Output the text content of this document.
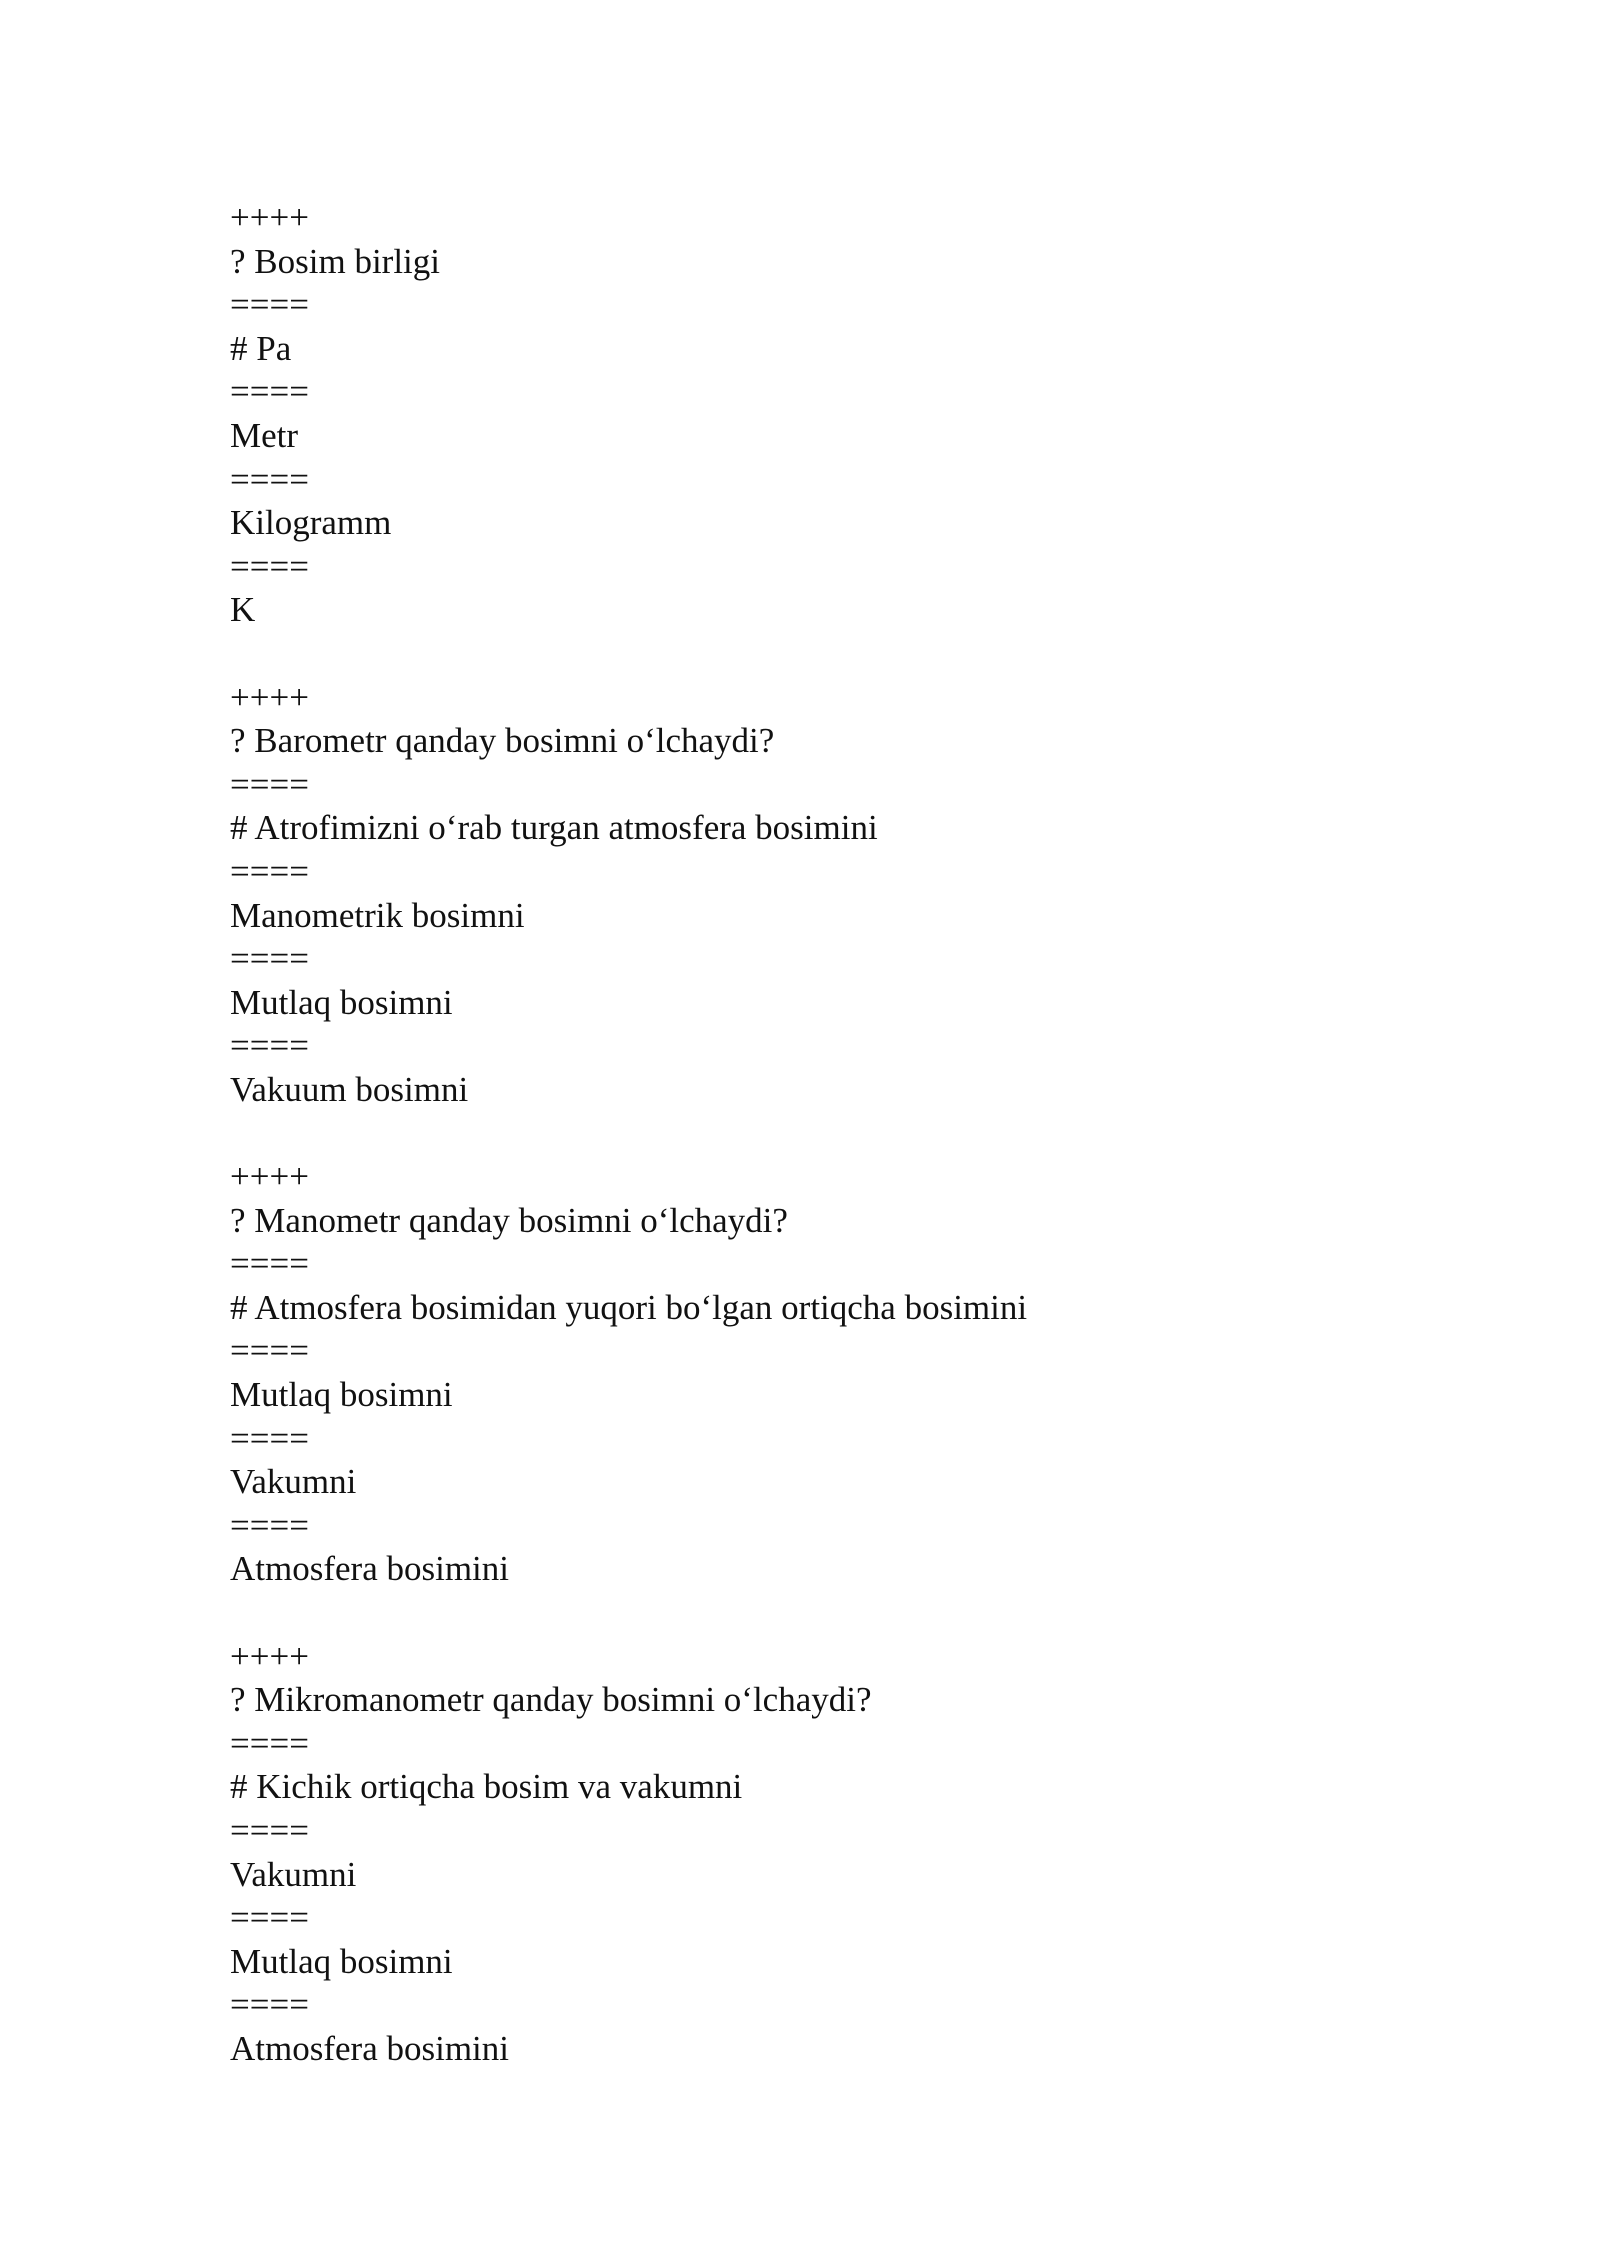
++++
? Bosim birligi
====
# Pa
====
Metr
====
Kilogramm
====
K
++++
? Barometr qanday bosimni o‘lchaydi?
====
# Atrofimizni o‘rab turgan atmosfera bosimini
====
Manometrik bosimni
====
Mutlaq bosimni
====
Vakuum bosimni
++++
? Manometr qanday bosimni o‘lchaydi?
====
# Atmosfera bosimidan yuqori bo‘lgan ortiqcha bosimini
====
Mutlaq bosimni
====
Vakumni
====
Atmosfera bosimini
++++
? Mikromanometr qanday bosimni o‘lchaydi?
====
# Kichik ortiqcha bosim va vakumni
====
Vakumni
====
Mutlaq bosimni
====
Atmosfera bosimini
